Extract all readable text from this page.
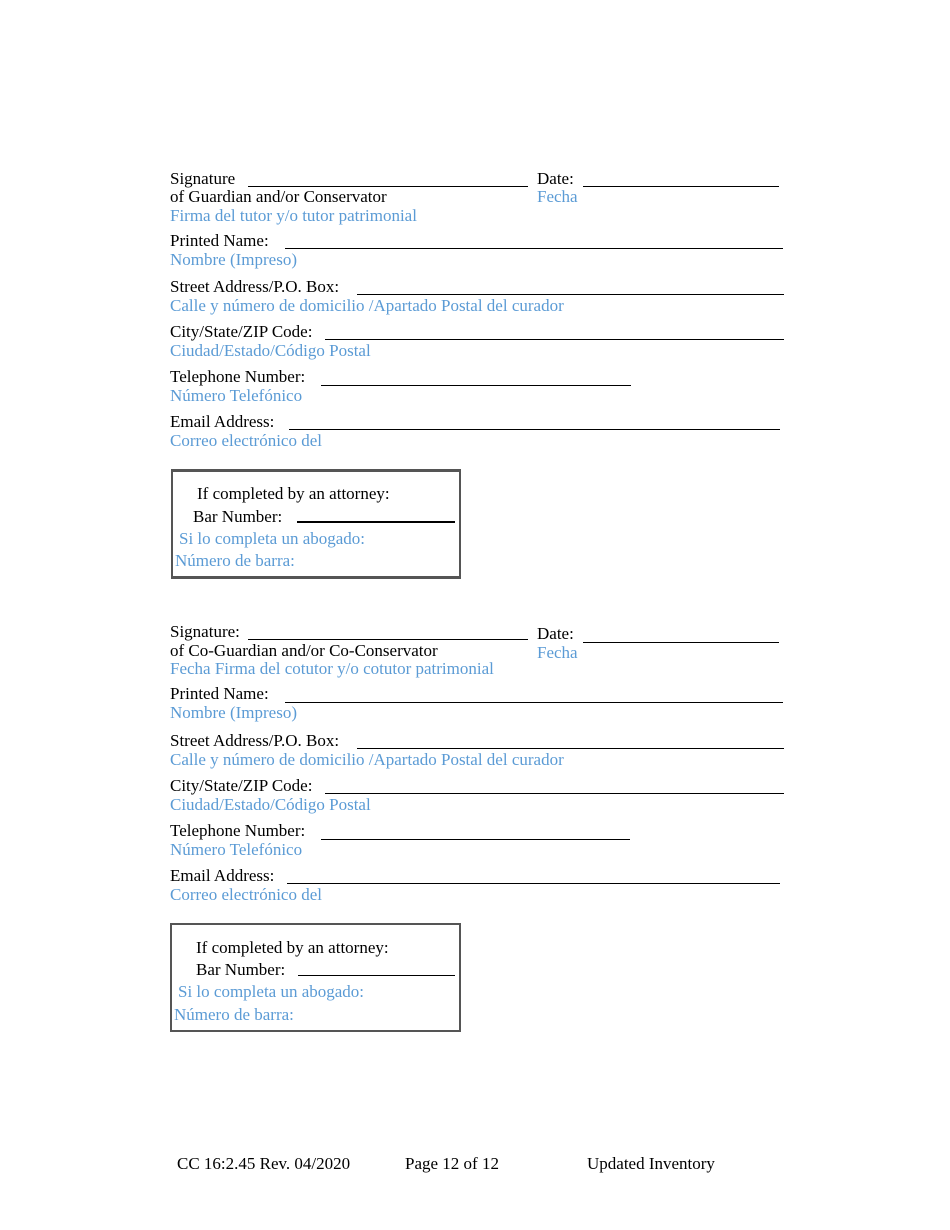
Signature
of Guardian and/or Conservator
Firma del tutor y/o tutor patrimonial
Date:
Fecha
Printed Name:
Nombre (Impreso)
Street Address/P.O. Box:
Calle y número de domicilio /Apartado Postal del curador
City/State/ZIP Code:
Ciudad/Estado/Código Postal
Telephone Number:
Número Telefónico
Email Address:
Correo electrónico del
If completed by an attorney:
Bar Number:
Si lo completa un abogado:
Número de barra:
Signature:
of Co-Guardian and/or Co-Conservator
Fecha Firma del cotutor y/o cotutor patrimonial
Date:
Fecha
Printed Name:
Nombre (Impreso)
Street Address/P.O. Box:
Calle y número de domicilio /Apartado Postal del curador
City/State/ZIP Code:
Ciudad/Estado/Código Postal
Telephone Number:
Número Telefónico
Email Address:
Correo electrónico del
If completed by an attorney:
Bar Number:
Si lo completa un abogado:
Número de barra:
CC 16:2.45 Rev. 04/2020	Page 12 of 12	Updated Inventory
